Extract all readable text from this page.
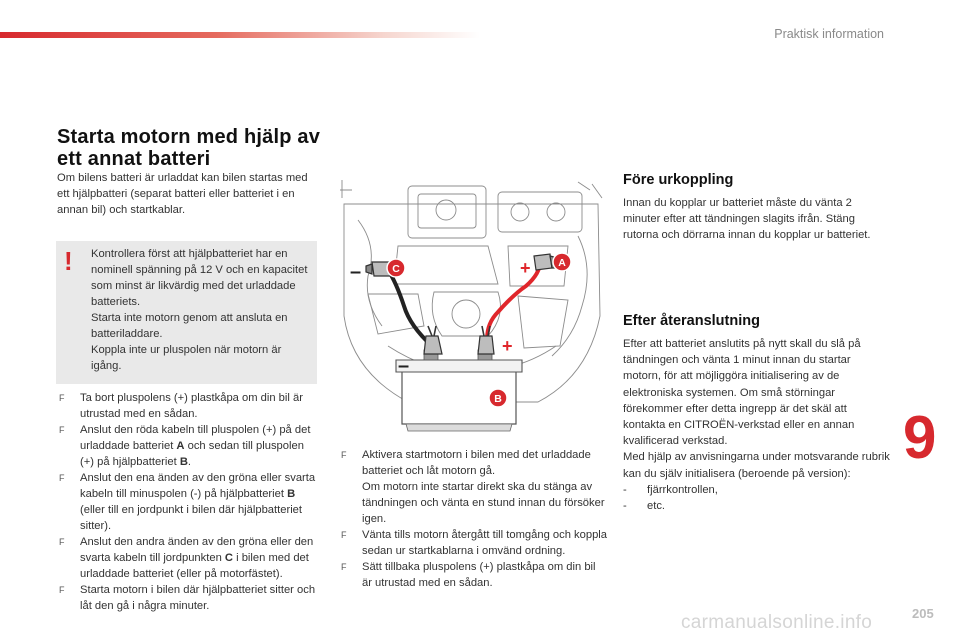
Praktisk information
Starta motorn med hjälp av ett annat batteri

Om bilens batteri är urladdat kan bilen startas med ett hjälpbatteri (separat batteri eller batteriet i en annan bil) och startkablar.

! Kontrollera först att hjälpbatteriet har en nominell spänning på 12 V och en kapacitet som minst är likvärdig med det urladdade batteriets.
Starta inte motorn genom att ansluta en batteriladdare.
Koppla inte ur pluspolen när motorn är igång.
F Ta bort pluspolens (+) plastkåpa om din bil är utrustad med en sådan.
F Anslut den röda kabeln till pluspolen (+) på det urladdade batteriet A och sedan till pluspolen (+) på hjälpbatteriet B.
F Anslut den ena änden av den gröna eller svarta kabeln till minuspolen (-) på hjälpbatteriet B (eller till en jordpunkt i bilen där hjälpbatteriet sitter).
F Anslut den andra änden av den gröna eller den svarta kabeln till jordpunkten C i bilen med det urladdade batteriet (eller på motorfästet).
F Starta motorn i bilen där hjälpbatteriet sitter och låt den gå i några minuter.
+
–
+
–
C	A
B
F Aktivera startmotorn i bilen med det urladdade batteriet och låt motorn gå.
Om motorn inte startar direkt ska du stänga av tändningen och vänta en stund innan du försöker igen.
F Vänta tills motorn återgått till tomgång och koppla sedan ur startkablarna i omvänd ordning.
F Sätt tillbaka pluspolens (+) plastkåpa om din bil är utrustad med en sådan.
Före urkoppling

Innan du kopplar ur batteriet måste du vänta 2 minuter efter att tändningen slagits ifrån. Stäng rutorna och dörrarna innan du kopplar ur batteriet.

Efter återanslutning

Efter att batteriet anslutits på nytt skall du slå på tändningen och vänta 1 minut innan du startar motorn, för att möjliggöra initialisering av de elektroniska systemen. Om små störningar förekommer efter detta ingrepp är det skäl att kontakta en CITROËN-verkstad eller en annan kvalificerad verkstad.

Med hjälp av anvisningarna under motsvarande rubrik kan du själv initialisera (beroende på version):

- fjärrkontrollen,
- etc.
9
carmanualsonline.info	205
